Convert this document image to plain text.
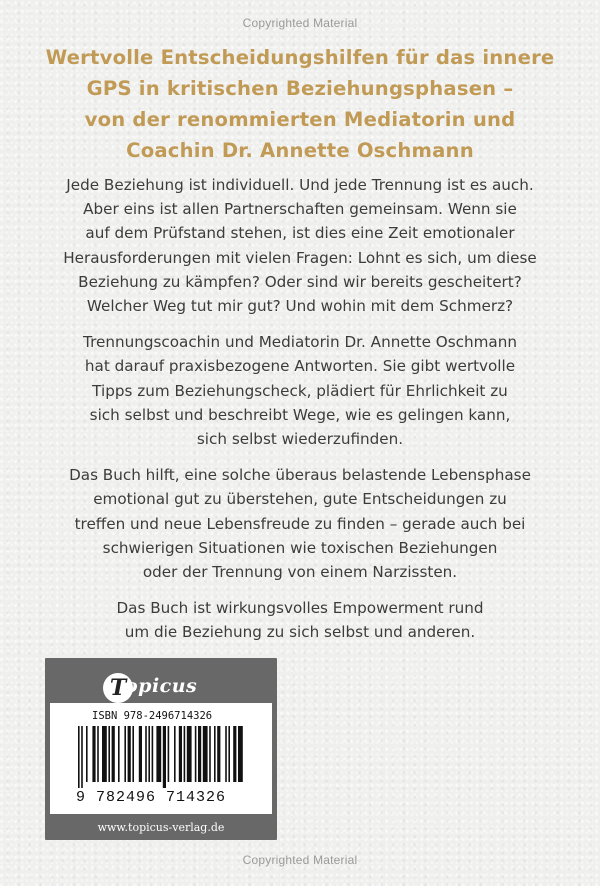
Copyrighted Material
Wertvolle Entscheidungshilfen für das innere
GPS in kritischen Beziehungsphasen –
von der renommierten Mediatorin und
Coachin Dr. Annette Oschmann

Jede Beziehung ist individuell. Und jede Trennung ist es auch.
Aber eins ist allen Partnerschaften gemeinsam. Wenn sie
auf dem Prüfstand stehen, ist dies eine Zeit emotionaler
Herausforderungen mit vielen Fragen: Lohnt es sich, um diese
Beziehung zu kämpfen? Oder sind wir bereits gescheitert?
Welcher Weg tut mir gut? Und wohin mit dem Schmerz?

Trennungscoachin und Mediatorin Dr. Annette Oschmann
hat darauf praxisbezogene Antworten. Sie gibt wertvolle
Tipps zum Beziehungscheck, plädiert für Ehrlichkeit zu
sich selbst und beschreibt Wege, wie es gelingen kann,
sich selbst wiederzufinden.

Das Buch hilft, eine solche überaus belastende Lebensphase
emotional gut zu überstehen, gute Entscheidungen zu
treffen und neue Lebensfreude zu finden – gerade auch bei
schwierigen Situationen wie toxischen Beziehungen
oder der Trennung von einem Narzissten.

Das Buch ist wirkungsvolles Empowerment rund
um die Beziehung zu sich selbst und anderen.

T
opicus
ISBN 978-2496714326
9 782496 714326
www.topicus-verlag.de
Copyrighted Material
